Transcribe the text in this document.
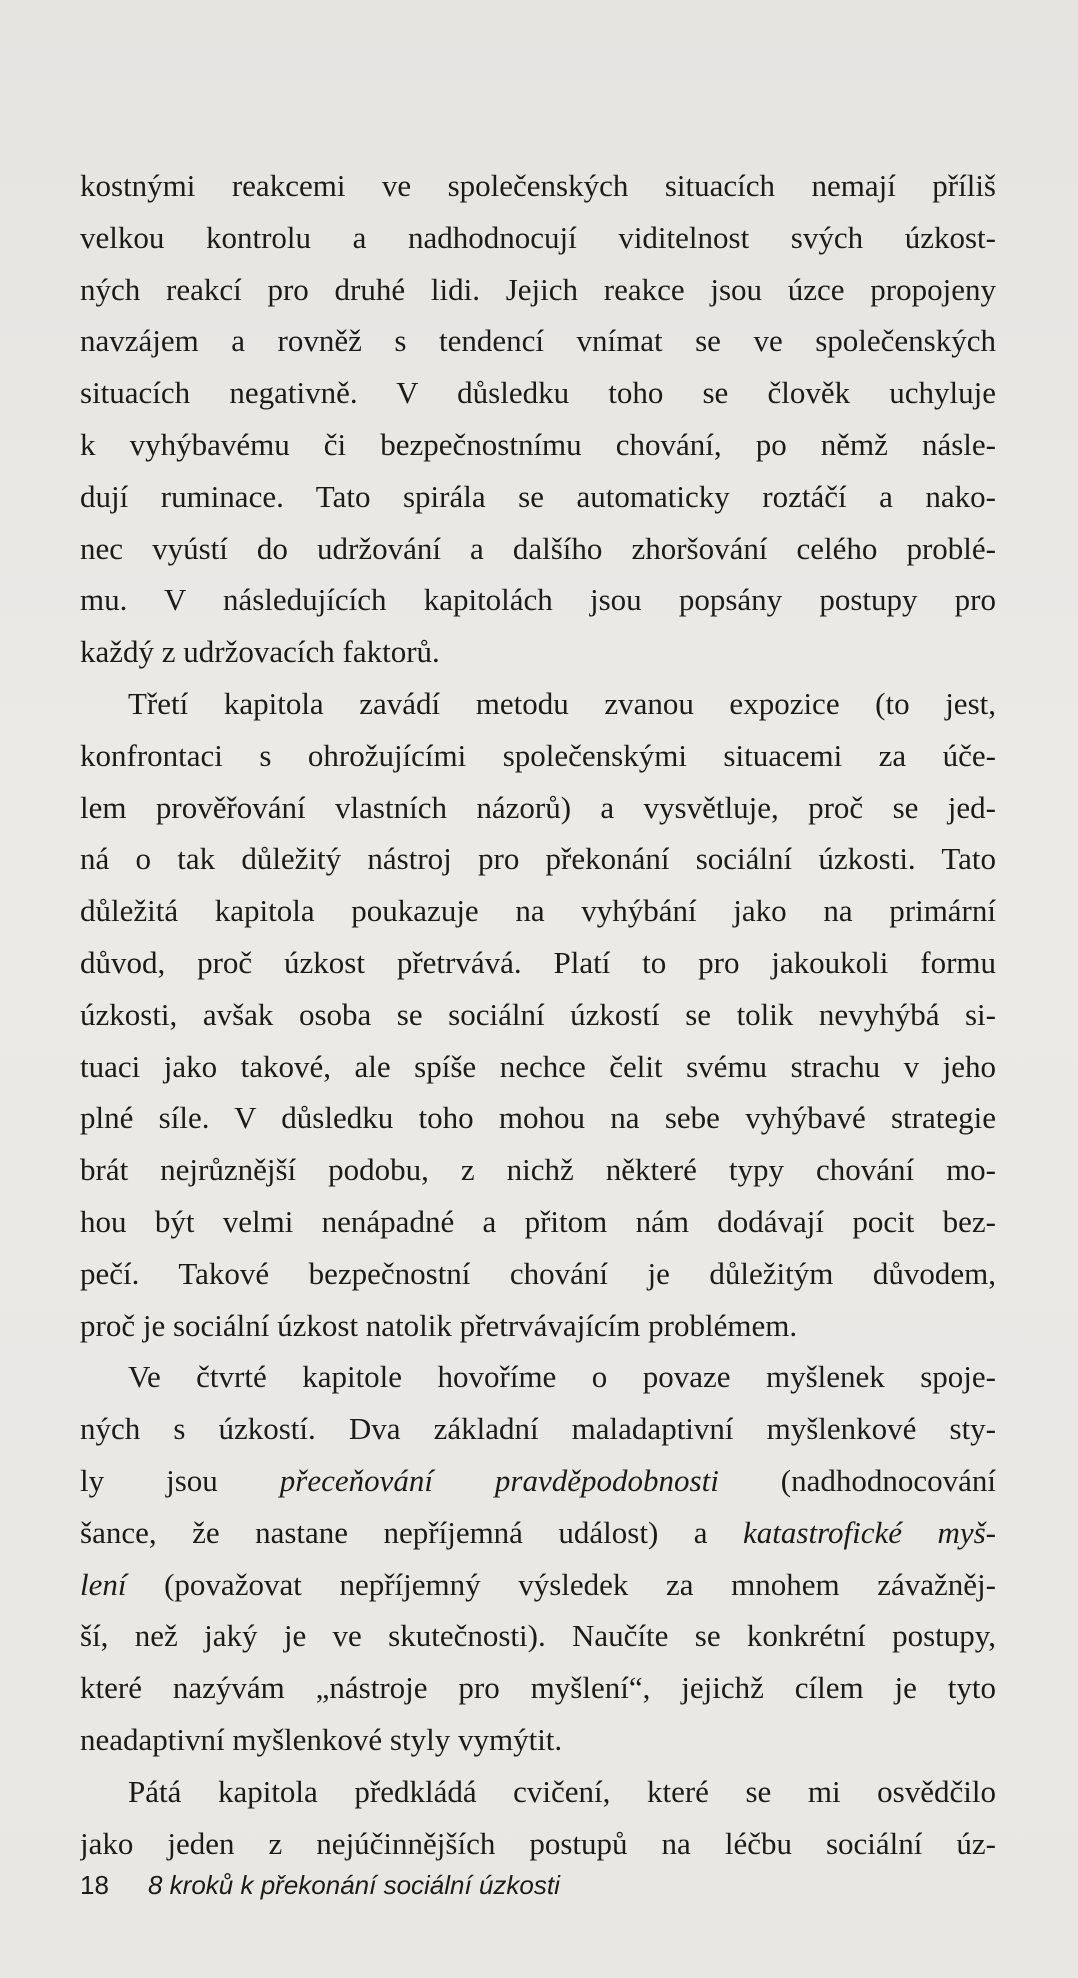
kostnými reakcemi ve společenských situacích nemají příliš
velkou kontrolu a nadhodnocují viditelnost svých úzkost-
ných reakcí pro druhé lidi. Jejich reakce jsou úzce propojeny
navzájem a rovněž s tendencí vnímat se ve společenských
situacích negativně. V důsledku toho se člověk uchyluje
k vyhýbavému či bezpečnostnímu chování, po němž násle-
dují ruminace. Tato spirála se automaticky roztáčí a nako-
nec vyústí do udržování a dalšího zhoršování celého problé-
mu. V následujících kapitolách jsou popsány postupy pro
každý z udržovacích faktorů.
Třetí kapitola zavádí metodu zvanou expozice (to jest,
konfrontaci s ohrožujícími společenskými situacemi za úče-
lem prověřování vlastních názorů) a vysvětluje, proč se jed-
ná o tak důležitý nástroj pro překonání sociální úzkosti. Tato
důležitá kapitola poukazuje na vyhýbání jako na primární
důvod, proč úzkost přetrvává. Platí to pro jakoukoli formu
úzkosti, avšak osoba se sociální úzkostí se tolik nevyhýbá si-
tuaci jako takové, ale spíše nechce čelit svému strachu v jeho
plné síle. V důsledku toho mohou na sebe vyhýbavé strategie
brát nejrůznější podobu, z nichž některé typy chování mo-
hou být velmi nenápadné a přitom nám dodávají pocit bez-
pečí. Takové bezpečnostní chování je důležitým důvodem,
proč je sociální úzkost natolik přetrvávajícím problémem.
Ve čtvrté kapitole hovoříme o povaze myšlenek spoje-
ných s úzkostí. Dva základní maladaptivní myšlenkové sty-
ly jsou přeceňování pravděpodobnosti (nadhodnocování
šance, že nastane nepříjemná událost) a katastrofické myš-
lení (považovat nepříjemný výsledek za mnohem závažněj-
ší, než jaký je ve skutečnosti). Naučíte se konkrétní postupy,
které nazývám „nástroje pro myšlení“, jejichž cílem je tyto
neadaptivní myšlenkové styly vymýtit.
Pátá kapitola předkládá cvičení, které se mi osvědčilo
jako jeden z nejúčinnějších postupů na léčbu sociální úz-
18 8 kroků k překonání sociální úzkosti
